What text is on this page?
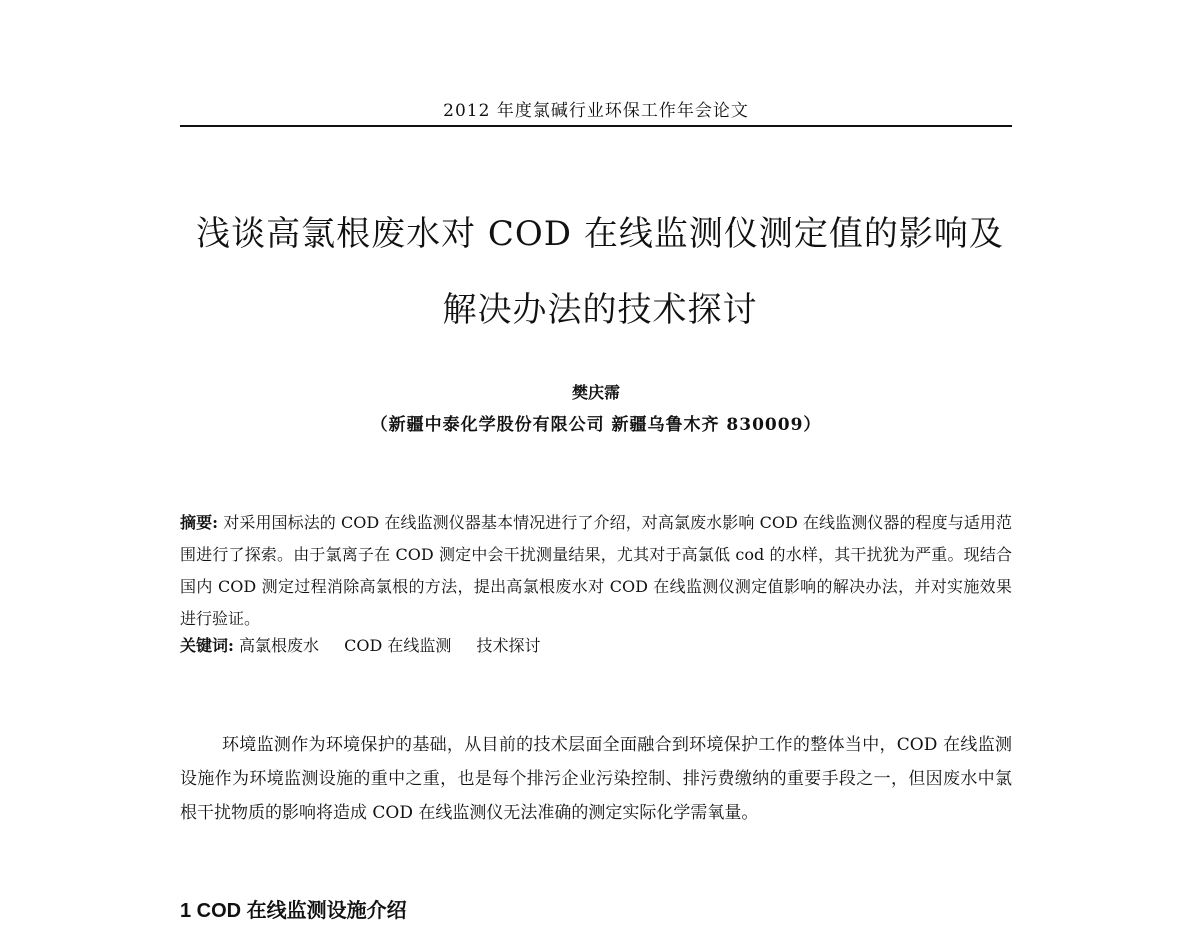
2012 年度氯碱行业环保工作年会论文
浅谈高氯根废水对 COD 在线监测仪测定值的影响及
解决办法的技术探讨
樊庆霈
（新疆中泰化学股份有限公司 新疆乌鲁木齐 830009）
摘要: 对采用国标法的 COD 在线监测仪器基本情况进行了介绍，对高氯废水影响 COD 在线监测仪器的程度与适用范围进行了探索。由于氯离子在 COD 测定中会干扰测量结果，尤其对于高氯低 cod 的水样，其干扰犹为严重。现结合国内 COD 测定过程消除高氯根的方法，提出高氯根废水对 COD 在线监测仪测定值影响的解决办法，并对实施效果进行验证。
关键词: 高氯根废水 COD 在线监测 技术探讨
环境监测作为环境保护的基础，从目前的技术层面全面融合到环境保护工作的整体当中，COD 在线监测设施作为环境监测设施的重中之重，也是每个排污企业污染控制、排污费缴纳的重要手段之一，但因废水中氯根干扰物质的影响将造成 COD 在线监测仪无法准确的测定实际化学需氧量。
1 COD 在线监测设施介绍
